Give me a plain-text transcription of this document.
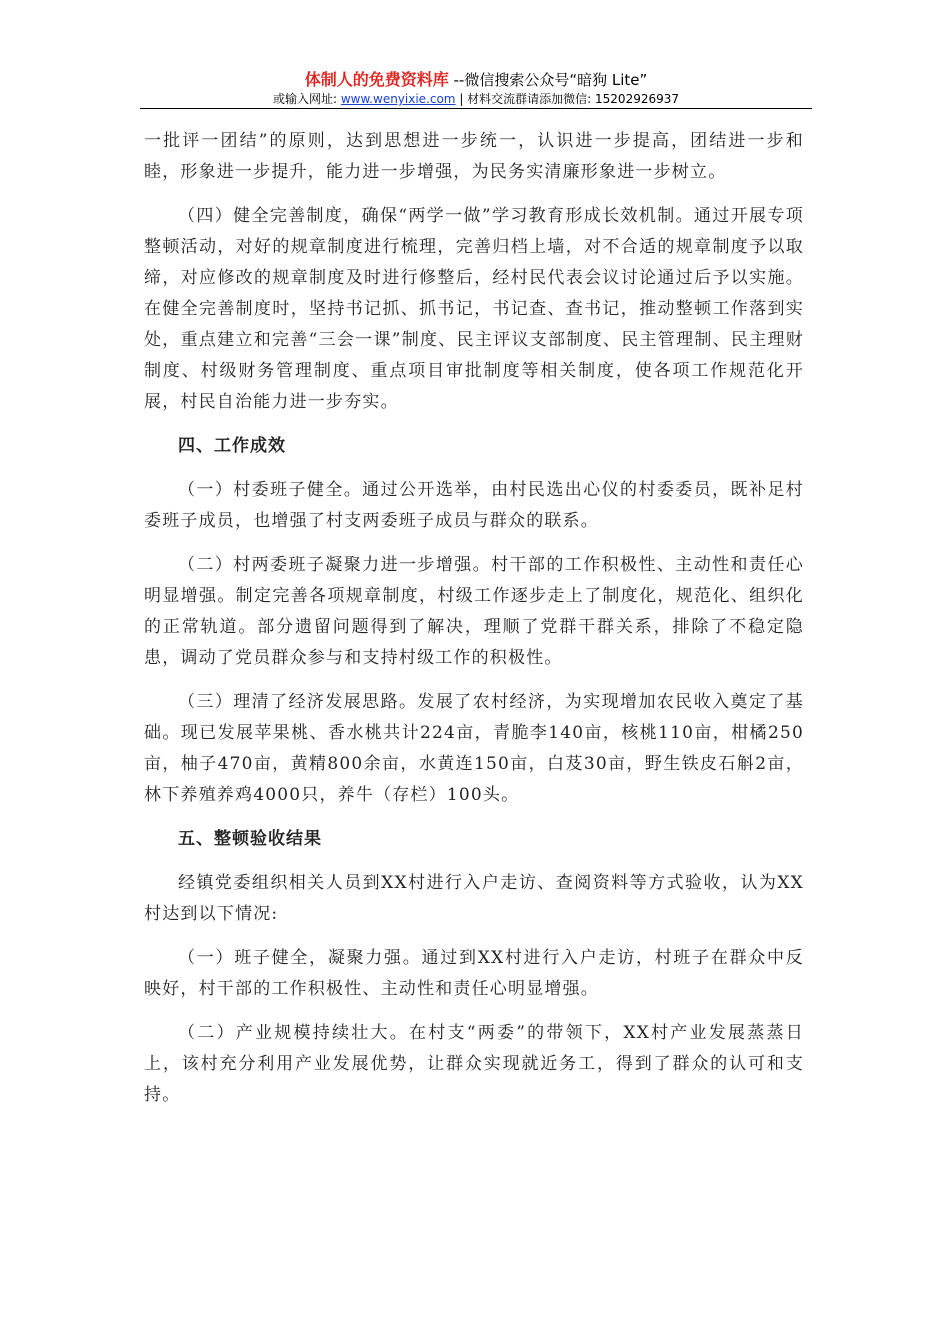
体制人的免费资料库 --微信搜索公众号“暗狗 Lite”
或输入网址: www.wenyixie.com | 材料交流群请添加微信: 15202926937

一批评一团结”的原则，达到思想进一步统一，认识进一步提高，团结进一步和睦，形象进一步提升，能力进一步增强，为民务实清廉形象进一步树立。

（四）健全完善制度，确保“两学一做”学习教育形成长效机制。通过开展专项整顿活动，对好的规章制度进行梳理，完善归档上墙，对不合适的规章制度予以取缔，对应修改的规章制度及时进行修整后，经村民代表会议讨论通过后予以实施。在健全完善制度时，坚持书记抓、抓书记，书记查、查书记，推动整顿工作落到实处，重点建立和完善“三会一课”制度、民主评议支部制度、民主管理制、民主理财制度、村级财务管理制度、重点项目审批制度等相关制度，使各项工作规范化开展，村民自治能力进一步夯实。

四、工作成效

（一）村委班子健全。通过公开选举，由村民选出心仪的村委委员，既补足村委班子成员，也增强了村支两委班子成员与群众的联系。

（二）村两委班子凝聚力进一步增强。村干部的工作积极性、主动性和责任心明显增强。制定完善各项规章制度，村级工作逐步走上了制度化，规范化、组织化的正常轨道。部分遗留问题得到了解决，理顺了党群干群关系，排除了不稳定隐患，调动了党员群众参与和支持村级工作的积极性。

（三）理清了经济发展思路。发展了农村经济，为实现增加农民收入奠定了基础。现已发展苹果桃、香水桃共计224亩，青脆李140亩，核桃110亩，柑橘250亩，柚子470亩，黄精800余亩，水黄连150亩，白芨30亩，野生铁皮石斛2亩，林下养殖养鸡4000只，养牛（存栏）100头。

五、整顿验收结果

经镇党委组织相关人员到XX村进行入户走访、查阅资料等方式验收，认为XX村达到以下情况:

（一）班子健全，凝聚力强。通过到XX村进行入户走访，村班子在群众中反映好，村干部的工作积极性、主动性和责任心明显增强。

（二）产业规模持续壮大。在村支“两委”的带领下，XX村产业发展蒸蒸日上，该村充分利用产业发展优势，让群众实现就近务工，得到了群众的认可和支持。
